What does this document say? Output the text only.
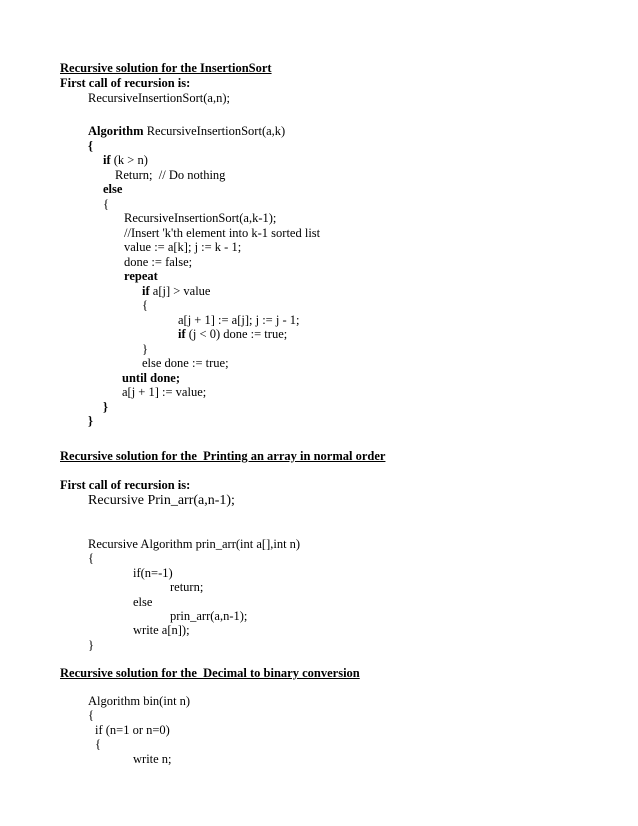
Recursive solution for the InsertionSort
First call of recursion is:
RecursiveInsertionSort(a,n);
Algorithm RecursiveInsertionSort(a,k)
{
if (k > n)
Return;  // Do nothing
else
{
RecursiveInsertionSort(a,k-1);
//Insert 'k'th element into k-1 sorted list
value := a[k]; j := k - 1;
done := false;
repeat
if a[j] > value
{
a[j + 1] := a[j]; j := j - 1;
if (j < 0) done := true;
}
else done := true;
until done;
a[j + 1] := value;
}
}
Recursive solution for the  Printing an array in normal order
First call of recursion is:
Recursive Prin_arr(a,n-1);
Recursive Algorithm prin_arr(int a[],int n)
{
if(n=-1)
return;
else
prin_arr(a,n-1);
write a[n]);
}
Recursive solution for the  Decimal to binary conversion
Algorithm bin(int n)
{
if (n=1 or n=0)
{
write n;
